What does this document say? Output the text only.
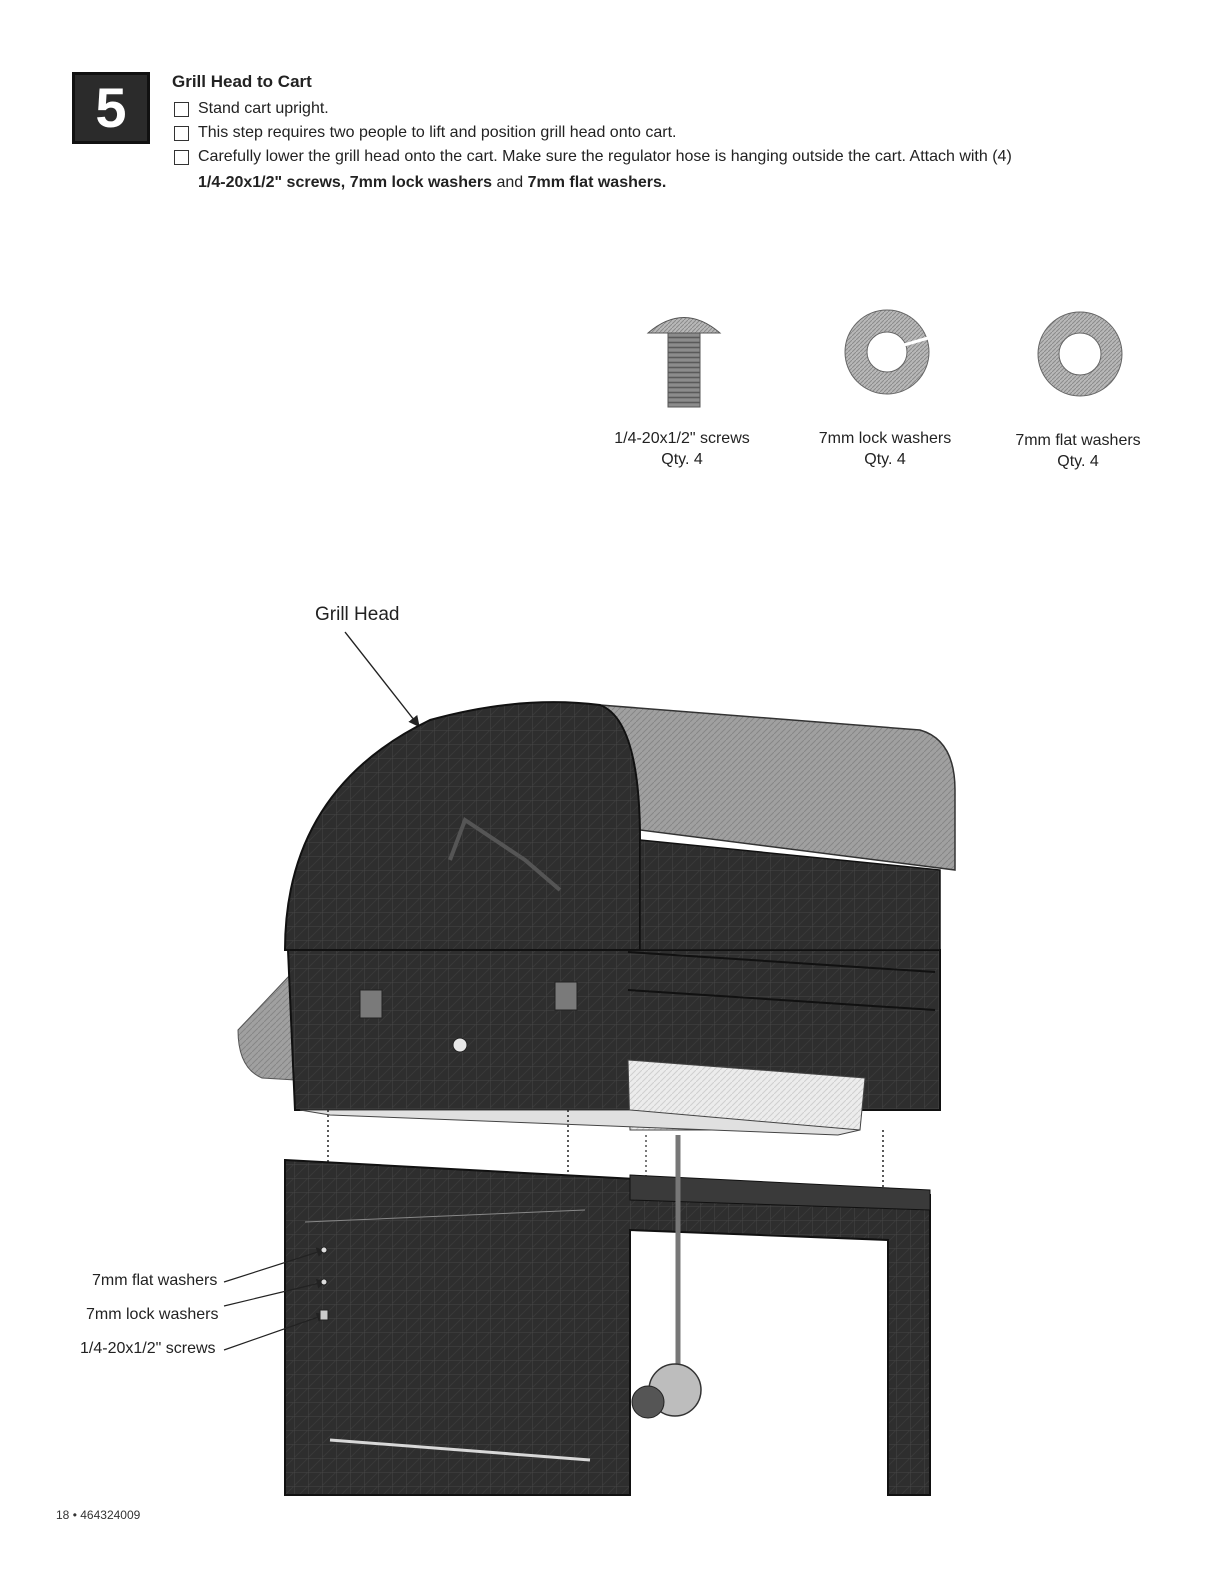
5	Grill Head to Cart
Stand cart upright.
This step requires two people to lift and position grill head onto cart.
Carefully lower the grill head onto the cart. Make sure the regulator hose is hanging outside the cart. Attach with (4)
1/4-20x1/2" screws, 7mm lock washers and 7mm flat washers.
1/4-20x1/2" screws
Qty. 4
7mm lock washers
Qty. 4
7mm flat washers
Qty. 4
Grill Head
7mm flat washers
7mm lock washers
1/4-20x1/2" screws
18 • 464324009
